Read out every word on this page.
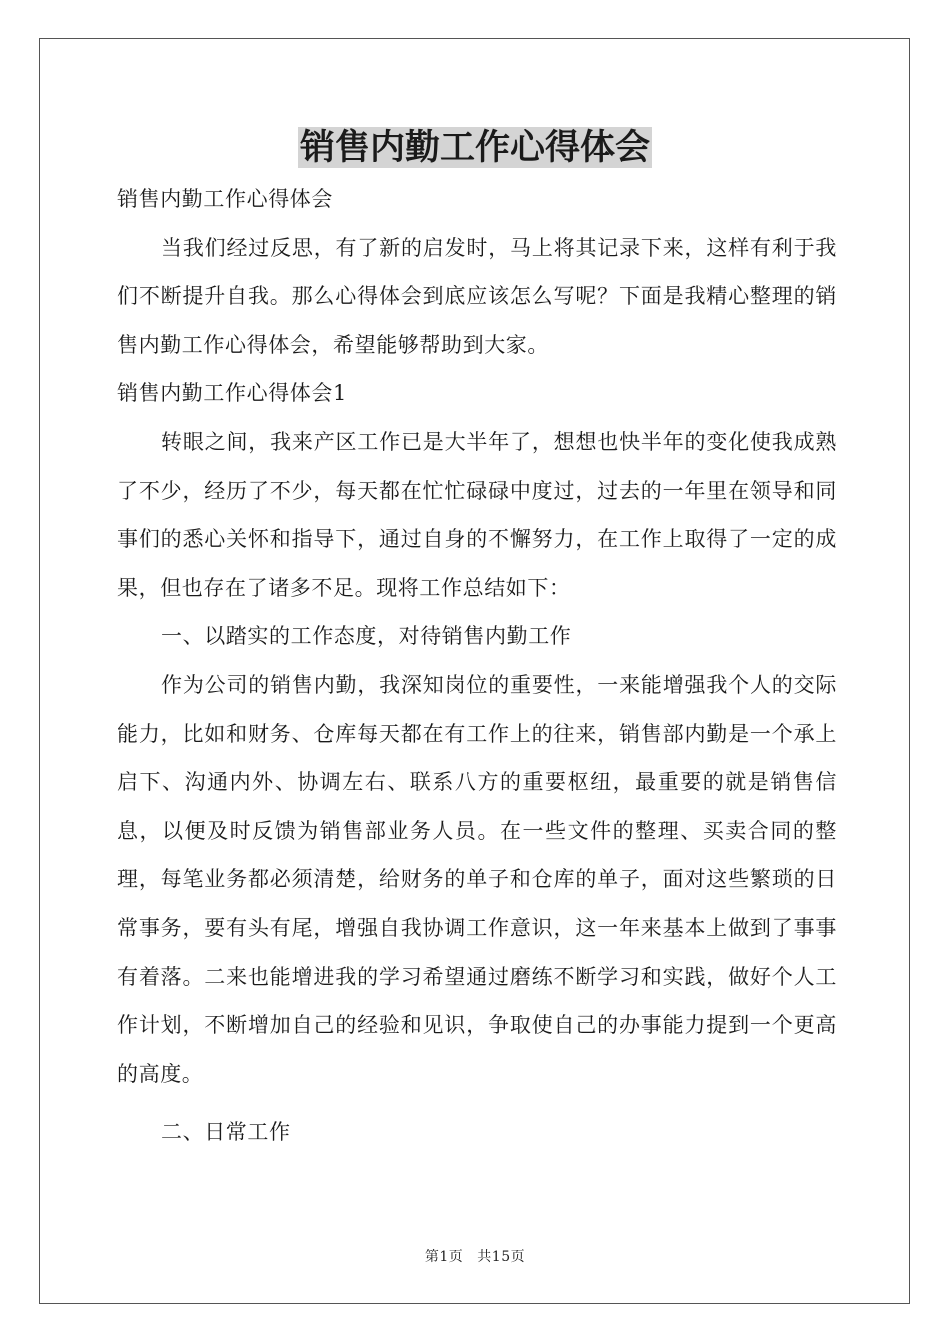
销售内勤工作心得体会

销售内勤工作心得体会

当我们经过反思，有了新的启发时，马上将其记录下来，这样有利于我们不断提升自我。那么心得体会到底应该怎么写呢？下面是我精心整理的销售内勤工作心得体会，希望能够帮助到大家。

销售内勤工作心得体会1

转眼之间，我来产区工作已是大半年了，想想也快半年的变化使我成熟了不少，经历了不少，每天都在忙忙碌碌中度过，过去的一年里在领导和同事们的悉心关怀和指导下，通过自身的不懈努力，在工作上取得了一定的成果，但也存在了诸多不足。现将工作总结如下：

一、以踏实的工作态度，对待销售内勤工作

作为公司的销售内勤，我深知岗位的重要性，一来能增强我个人的交际能力，比如和财务、仓库每天都在有工作上的往来，销售部内勤是一个承上启下、沟通内外、协调左右、联系八方的重要枢纽，最重要的就是销售信息，以便及时反馈为销售部业务人员。在一些文件的整理、买卖合同的整理，每笔业务都必须清楚，给财务的单子和仓库的单子，面对这些繁琐的日常事务，要有头有尾，增强自我协调工作意识，这一年来基本上做到了事事有着落。二来也能增进我的学习希望通过磨练不断学习和实践，做好个人工作计划，不断增加自己的经验和见识，争取使自己的办事能力提到一个更高的高度。

二、日常工作

第1页 共15页
